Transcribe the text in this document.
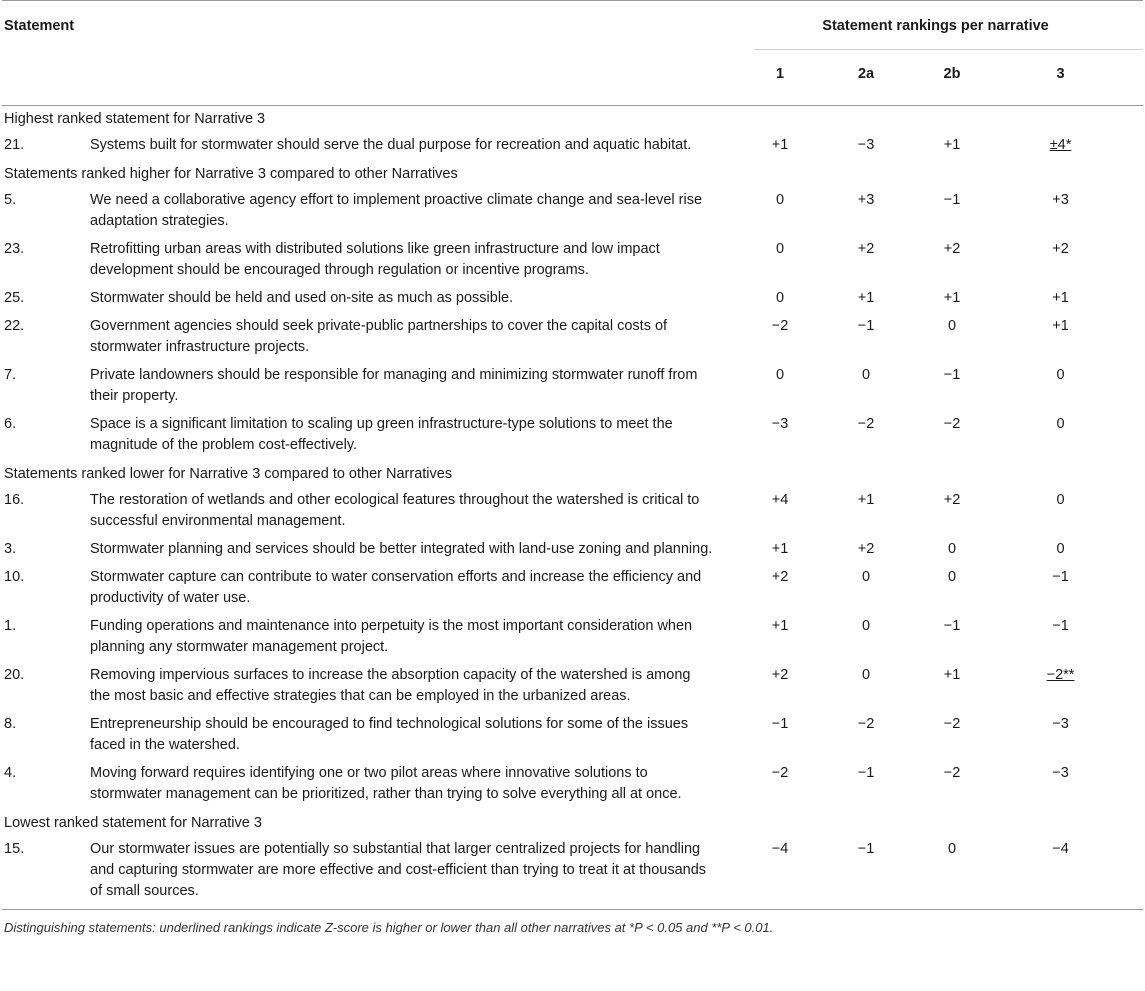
Statement		Statement rankings per narrative			
		1	2a	2b	3
Highest ranked statement for Narrative 3					
21.	Systems built for stormwater should serve the dual purpose for recreation and aquatic habitat.	+1	−3	+1	±4*
Statements ranked higher for Narrative 3 compared to other Narratives					
5.	We need a collaborative agency effort to implement proactive climate change and sea-level rise adaptation strategies.	0	+3	−1	+3
23.	Retrofitting urban areas with distributed solutions like green infrastructure and low impact development should be encouraged through regulation or incentive programs.	0	+2	+2	+2
25.	Stormwater should be held and used on-site as much as possible.	0	+1	+1	+1
22.	Government agencies should seek private-public partnerships to cover the capital costs of stormwater infrastructure projects.	−2	−1	0	+1
7.	Private landowners should be responsible for managing and minimizing stormwater runoff from their property.	0	0	−1	0
6.	Space is a significant limitation to scaling up green infrastructure-type solutions to meet the magnitude of the problem cost-effectively.	−3	−2	−2	0
Statements ranked lower for Narrative 3 compared to other Narratives					
16.	The restoration of wetlands and other ecological features throughout the watershed is critical to successful environmental management.	+4	+1	+2	0
3.	Stormwater planning and services should be better integrated with land-use zoning and planning.	+1	+2	0	0
10.	Stormwater capture can contribute to water conservation efforts and increase the efficiency and productivity of water use.	+2	0	0	−1
1.	Funding operations and maintenance into perpetuity is the most important consideration when planning any stormwater management project.	+1	0	−1	−1
20.	Removing impervious surfaces to increase the absorption capacity of the watershed is among the most basic and effective strategies that can be employed in the urbanized areas.	+2	0	+1	−2**
8.	Entrepreneurship should be encouraged to find technological solutions for some of the issues faced in the watershed.	−1	−2	−2	−3
4.	Moving forward requires identifying one or two pilot areas where innovative solutions to stormwater management can be prioritized, rather than trying to solve everything all at once.	−2	−1	−2	−3
Lowest ranked statement for Narrative 3					
15.	Our stormwater issues are potentially so substantial that larger centralized projects for handling and capturing stormwater are more effective and cost-efficient than trying to treat it at thousands of small sources.	−4	−1	0	−4
Distinguishing statements: underlined rankings indicate Z-score is higher or lower than all other narratives at *P < 0.05 and **P < 0.01.
